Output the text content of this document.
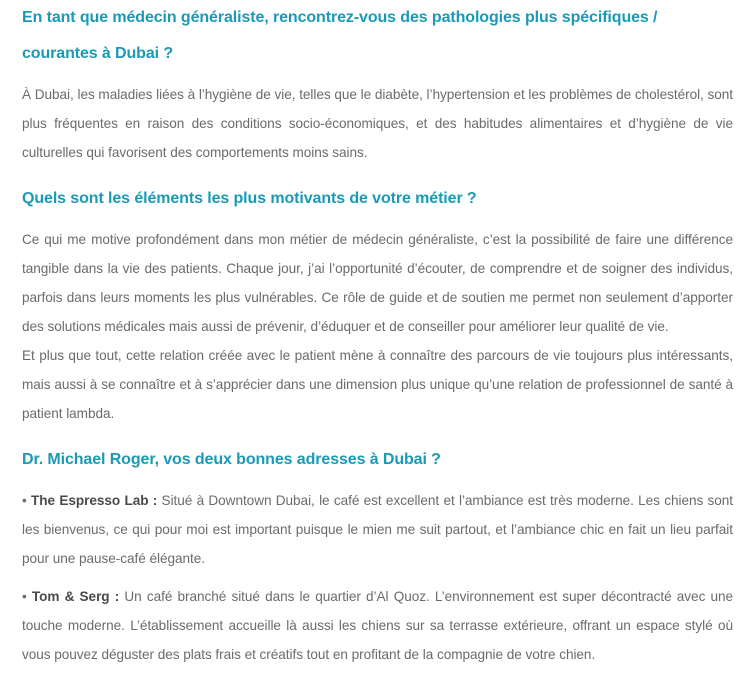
En tant que médecin généraliste, rencontrez-vous des pathologies plus spécifiques /
courantes à Dubai ?

À Dubai, les maladies liées à l’hygiène de vie, telles que le diabète, l’hypertension et les problèmes de cholestérol, sont plus fréquentes en raison des conditions socio-économiques, et des habitudes alimentaires et d’hygiène de vie culturelles qui favorisent des comportements moins sains.

Quels sont les éléments les plus motivants de votre métier ?

Ce qui me motive profondément dans mon métier de médecin généraliste, c’est la possibilité de faire une différence tangible dans la vie des patients. Chaque jour, j’ai l’opportunité d’écouter, de comprendre et de soigner des individus, parfois dans leurs moments les plus vulnérables. Ce rôle de guide et de soutien me permet non seulement d’apporter des solutions médicales mais aussi de prévenir, d’éduquer et de conseiller pour améliorer leur qualité de vie.

Et plus que tout, cette relation créée avec le patient mène à connaître des parcours de vie toujours plus intéressants, mais aussi à se connaître et à s’apprécier dans une dimension plus unique qu’une relation de professionnel de santé à patient lambda.

Dr. Michael Roger, vos deux bonnes adresses à Dubai ?

• The Espresso Lab : Situé à Downtown Dubai, le café est excellent et l’ambiance est très moderne. Les chiens sont les bienvenus, ce qui pour moi est important puisque le mien me suit partout, et l’ambiance chic en fait un lieu parfait pour une pause-café élégante.

• Tom & Serg : Un café branché situé dans le quartier d’Al Quoz. L’environnement est super décontracté avec une touche moderne. L’établissement accueille là aussi les chiens sur sa terrasse extérieure, offrant un espace stylé où vous pouvez déguster des plats frais et créatifs tout en profitant de la compagnie de votre chien.
